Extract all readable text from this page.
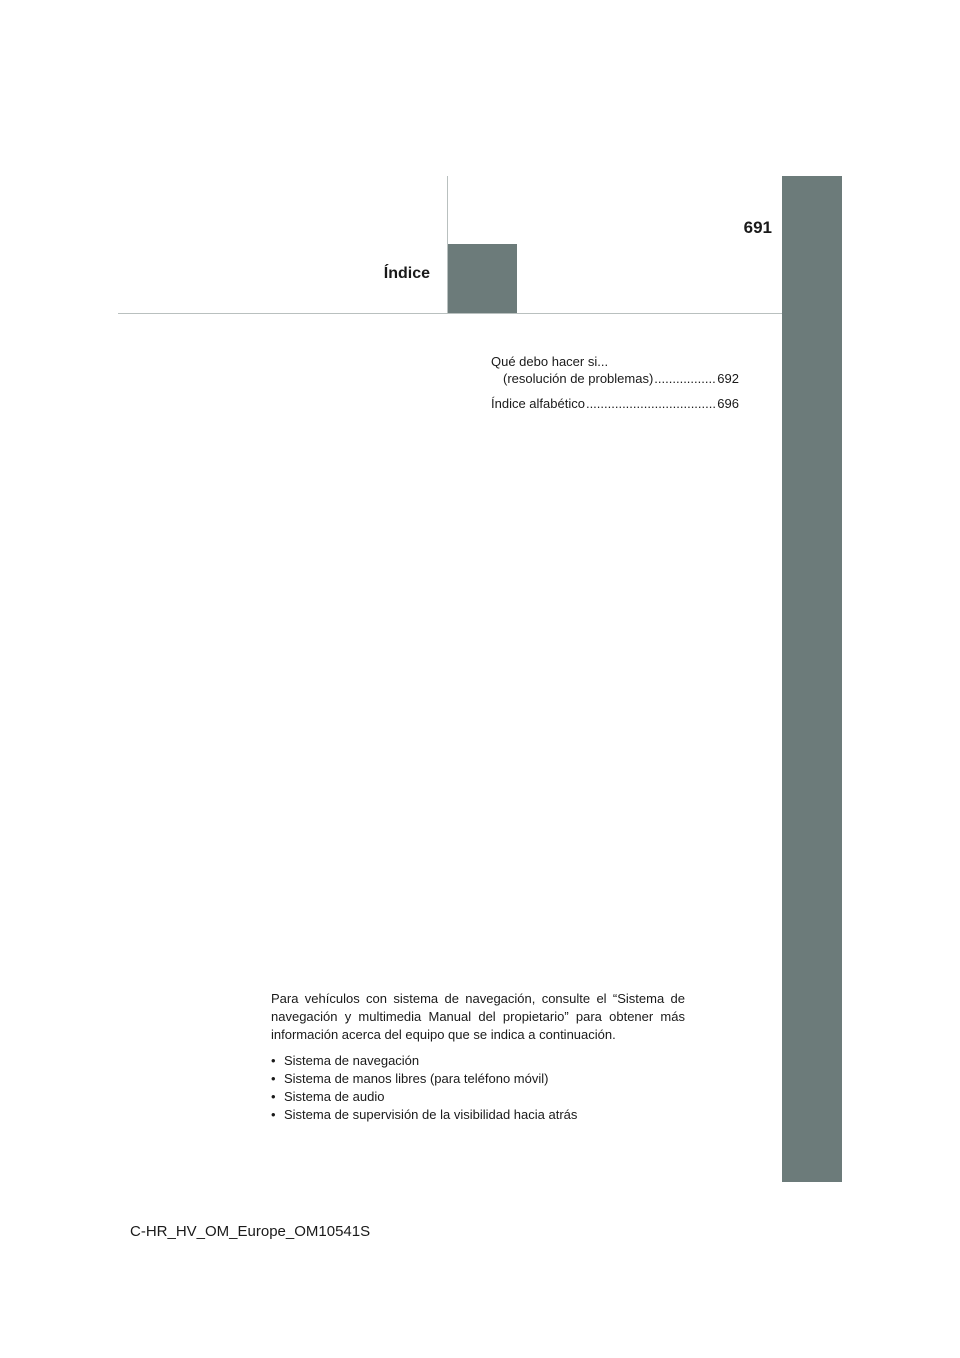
691
Índice
Qué debo hacer si...
(resolución de problemas) .....	692
Índice alfabético .....	696

Para vehículos con sistema de navegación, consulte el “Sistema de navegación y multimedia Manual del propietario” para obtener más información acerca del equipo que se indica a continuación.

• Sistema de navegación
• Sistema de manos libres (para teléfono móvil)
• Sistema de audio
• Sistema de supervisión de la visibilidad hacia atrás
C-HR_HV_OM_Europe_OM10541S
